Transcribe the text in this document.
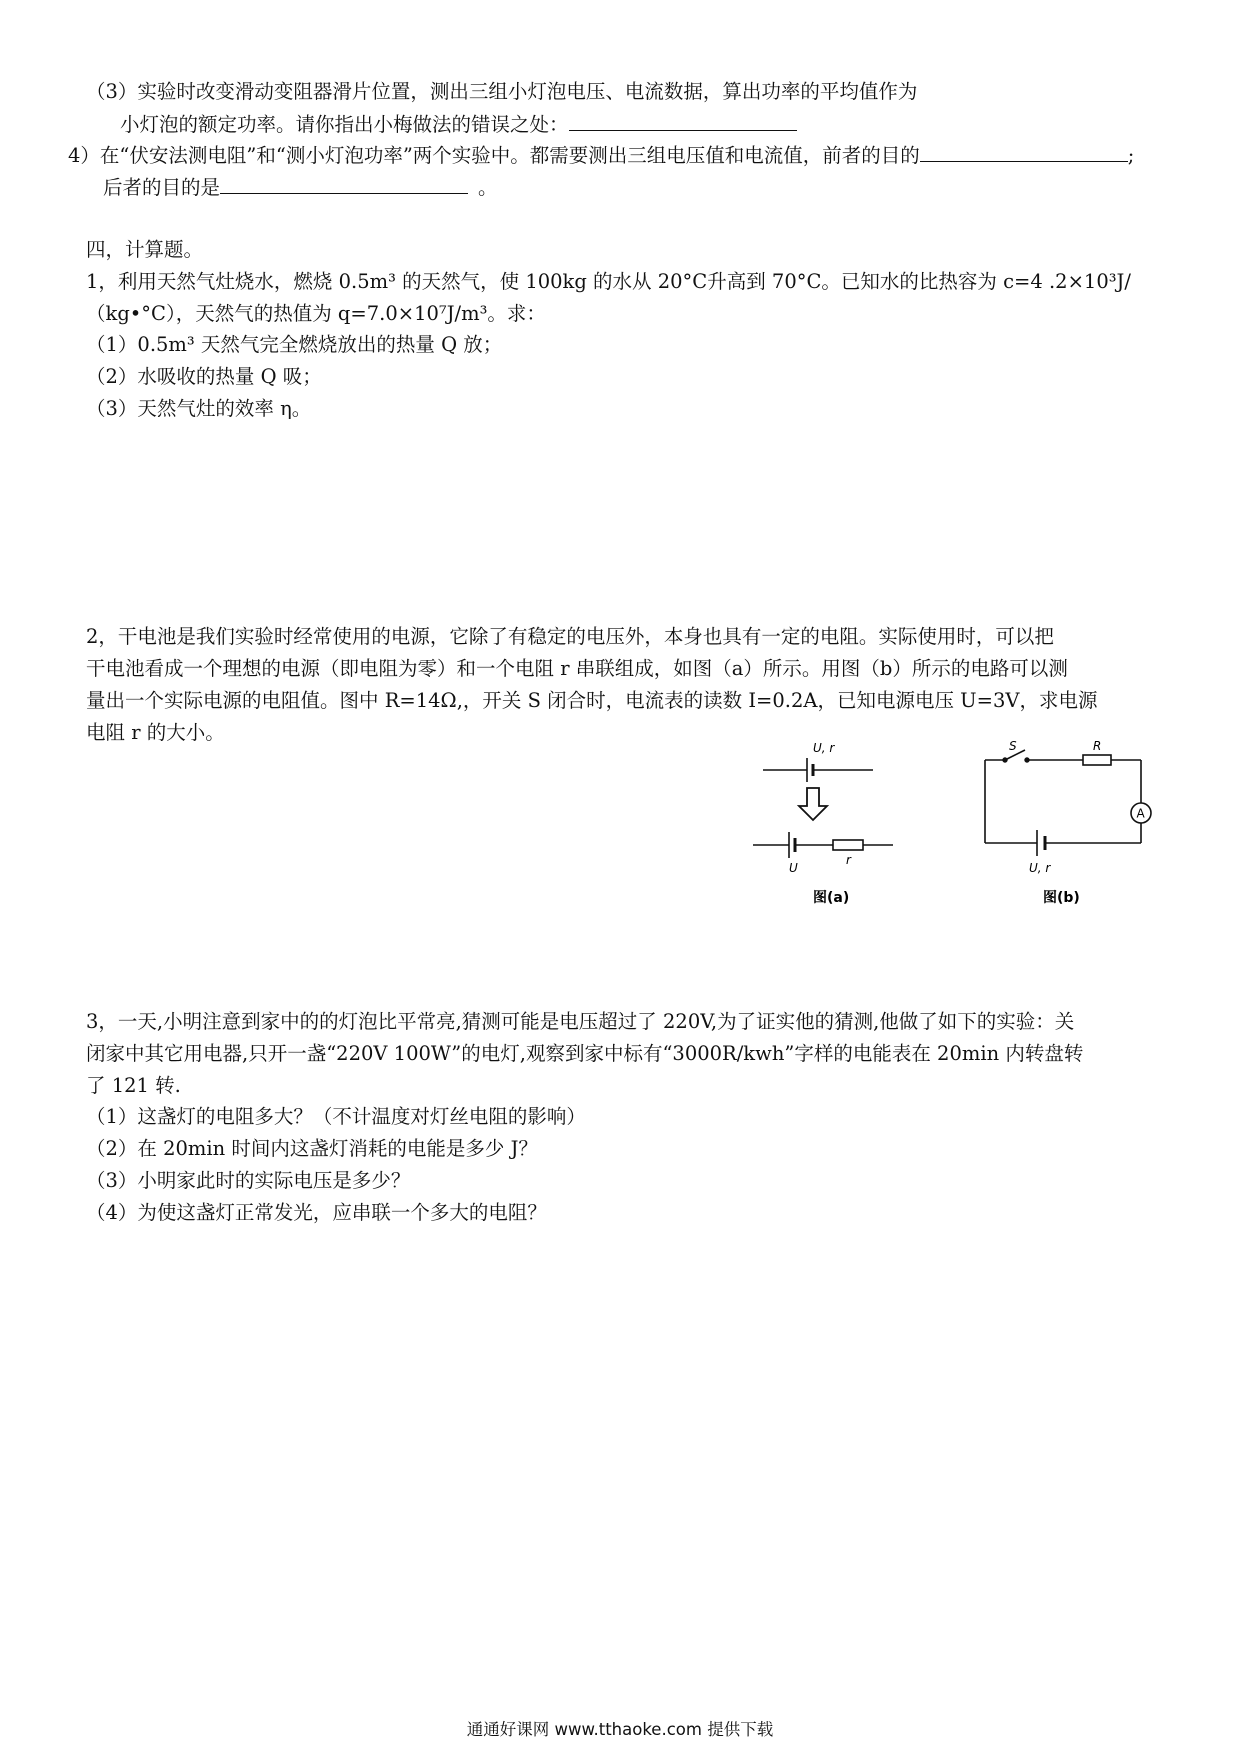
（3）实验时改变滑动变阻器滑片位置，测出三组小灯泡电压、电流数据，算出功率的平均值作为
小灯泡的额定功率。请你指出小梅做法的错误之处：
4）在“伏安法测电阻”和“测小灯泡功率”两个实验中。都需要测出三组电压值和电流值，前者的目的	;
后者的目的是	。
四，计算题。
1，利用天然气灶烧水，燃烧 0.5m³ 的天然气，使 100kg 的水从 20°C升高到 70°C。已知水的比热容为 c=4 .2×10³J/
（kg•°C），天然气的热值为 q=7.0×10⁷J/m³。求：
（1）0.5m³ 天然气完全燃烧放出的热量 Q 放；
（2）水吸收的热量 Q 吸；
（3）天然气灶的效率 η。
2，干电池是我们实验时经常使用的电源，它除了有稳定的电压外，本身也具有一定的电阻。实际使用时，可以把
干电池看成一个理想的电源（即电阻为零）和一个电阻 r 串联组成，如图（a）所示。用图（b）所示的电路可以测
量出一个实际电源的电阻值。图中 R=14Ω,，开关 S 闭合时，电流表的读数 I=0.2A，已知电源电压 U=3V，求电源
电阻 r 的大小。
U, r
U
r
图(a)
S	R
A
U, r
图(b)
3，一天,小明注意到家中的的灯泡比平常亮,猜测可能是电压超过了 220V,为了证实他的猜测,他做了如下的实验：关
闭家中其它用电器,只开一盏“220V 100W”的电灯,观察到家中标有“3000R/kwh”字样的电能表在 20min 内转盘转
了 121 转.
（1）这盏灯的电阻多大？（不计温度对灯丝电阻的影响）
（2）在 20min 时间内这盏灯消耗的电能是多少 J？
（3）小明家此时的实际电压是多少？
（4）为使这盏灯正常发光，应串联一个多大的电阻？
通通好课网 www.tthaoke.com 提供下载
